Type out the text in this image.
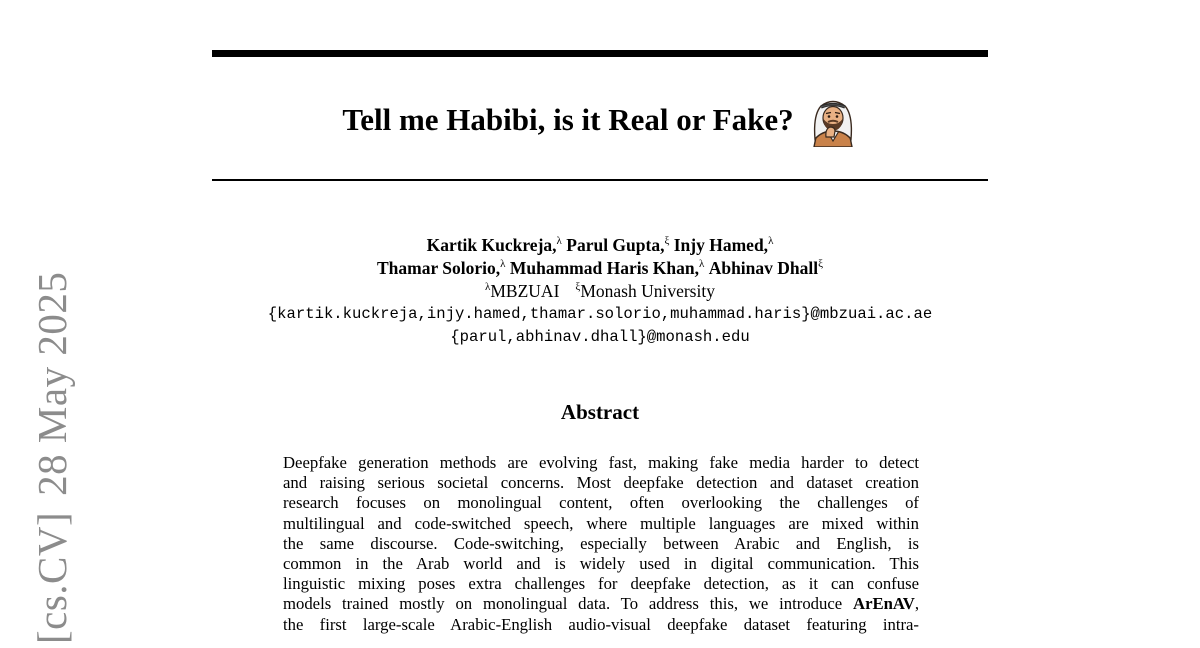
[cs.CV]28 May 2025
Tell me Habibi, is it Real or Fake?
Kartik Kuckreja,$^\lambda$ Parul Gupta,$^\xi$ Injy Hamed,$^\lambda$
Thamar Solorio,$^\lambda$ Muhammad Haris Khan,$^\lambda$ Abhinav Dhall$^\xi$
$^\lambda$MBZUAI $^\xi$Monash University
{kartik.kuckreja,injy.hamed,thamar.solorio,muhammad.haris}@mbzuai.ac.ae
{parul,abhinav.dhall}@monash.edu
Abstract
Deepfake generation methods are evolving fast, making fake media harder to detect
and raising serious societal concerns. Most deepfake detection and dataset creation
research focuses on monolingual content, often overlooking the challenges of
multilingual and code-switched speech, where multiple languages are mixed within
the same discourse. Code-switching, especially between Arabic and English, is
common in the Arab world and is widely used in digital communication. This
linguistic mixing poses extra challenges for deepfake detection, as it can confuse
models trained mostly on monolingual data. To address this, we introduce ArEnAV,
the first large-scale Arabic-English audio-visual deepfake dataset featuring intra-
